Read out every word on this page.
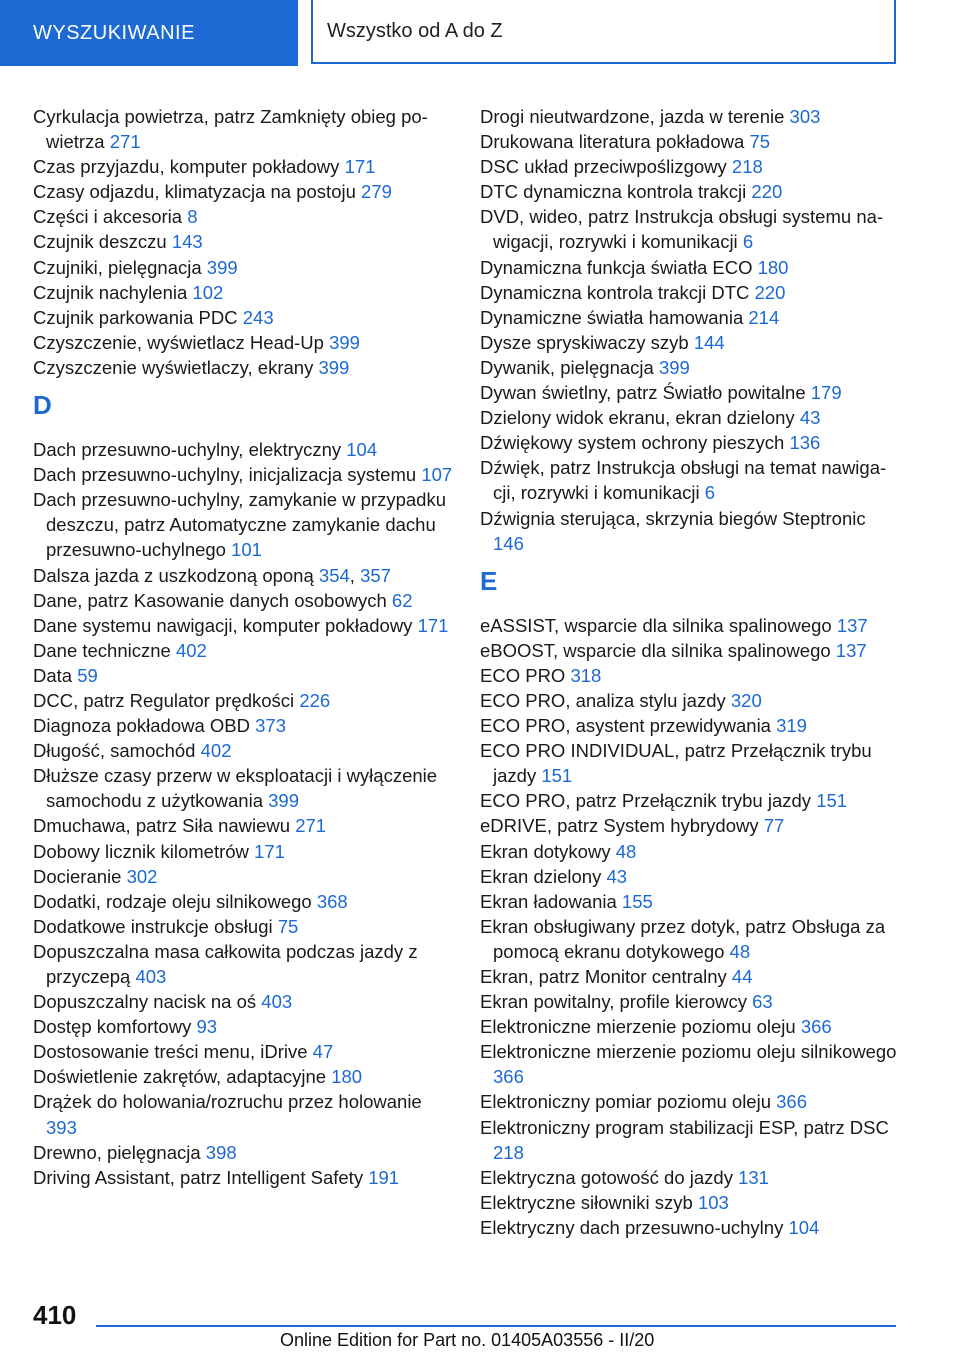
WYSZUKIWANIE	Wszystko od A do Z
Cyrkulacja powietrza, patrz Zamknięty obieg powietrza 271
Czas przyjazdu, komputer pokładowy 171
Czasy odjazdu, klimatyzacja na postoju 279
Części i akcesoria 8
Czujnik deszczu 143
Czujniki, pielęgnacja 399
Czujnik nachylenia 102
Czujnik parkowania PDC 243
Czyszczenie, wyświetlacz Head-Up 399
Czyszczenie wyświetlaczy, ekrany 399
D
Dach przesuwno-uchylny, elektryczny 104
Dach przesuwno-uchylny, inicjalizacja systemu 107
Dach przesuwno-uchylny, zamykanie w przypadku deszczu, patrz Automatyczne zamykanie dachu przesuwno-uchylnego 101
Dalsza jazda z uszkodzoną oponą 354, 357
Dane, patrz Kasowanie danych osobowych 62
Dane systemu nawigacji, komputer pokładowy 171
Dane techniczne 402
Data 59
DCC, patrz Regulator prędkości 226
Diagnoza pokładowa OBD 373
Długość, samochód 402
Dłuższe czasy przerw w eksploatacji i wyłączenie samochodu z użytkowania 399
Dmuchawa, patrz Siła nawiewu 271
Dobowy licznik kilometrów 171
Docieranie 302
Dodatki, rodzaje oleju silnikowego 368
Dodatkowe instrukcje obsługi 75
Dopuszczalna masa całkowita podczas jazdy z przyczepą 403
Dopuszczalny nacisk na oś 403
Dostęp komfortowy 93
Dostosowanie treści menu, iDrive 47
Doświetlenie zakrętów, adaptacyjne 180
Drążek do holowania/rozruchu przez holowanie 393
Drewno, pielęgnacja 398
Driving Assistant, patrz Intelligent Safety 191
Drogi nieutwardzone, jazda w terenie 303
Drukowana literatura pokładowa 75
DSC układ przeciwpoślizgowy 218
DTC dynamiczna kontrola trakcji 220
DVD, wideo, patrz Instrukcja obsługi systemu nawigacji, rozrywki i komunikacji 6
Dynamiczna funkcja światła ECO 180
Dynamiczna kontrola trakcji DTC 220
Dynamiczne światła hamowania 214
Dysze spryskiwaczy szyb 144
Dywanik, pielęgnacja 399
Dywan świetlny, patrz Światło powitalne 179
Dzielony widok ekranu, ekran dzielony 43
Dźwiękowy system ochrony pieszych 136
Dźwięk, patrz Instrukcja obsługi na temat nawigacji, rozrywki i komunikacji 6
Dźwignia sterująca, skrzynia biegów Steptronic 146
E
eASSIST, wsparcie dla silnika spalinowego 137
eBOOST, wsparcie dla silnika spalinowego 137
ECO PRO 318
ECO PRO, analiza stylu jazdy 320
ECO PRO, asystent przewidywania 319
ECO PRO INDIVIDUAL, patrz Przełącznik trybu jazdy 151
ECO PRO, patrz Przełącznik trybu jazdy 151
eDRIVE, patrz System hybrydowy 77
Ekran dotykowy 48
Ekran dzielony 43
Ekran ładowania 155
Ekran obsługiwany przez dotyk, patrz Obsługa za pomocą ekranu dotykowego 48
Ekran, patrz Monitor centralny 44
Ekran powitalny, profile kierowcy 63
Elektroniczne mierzenie poziomu oleju 366
Elektroniczne mierzenie poziomu oleju silnikowego 366
Elektroniczny pomiar poziomu oleju 366
Elektroniczny program stabilizacji ESP, patrz DSC 218
Elektryczna gotowość do jazdy 131
Elektryczne siłowniki szyb 103
Elektryczny dach przesuwno-uchylny 104
410
Online Edition for Part no. 01405A03556 - II/20
